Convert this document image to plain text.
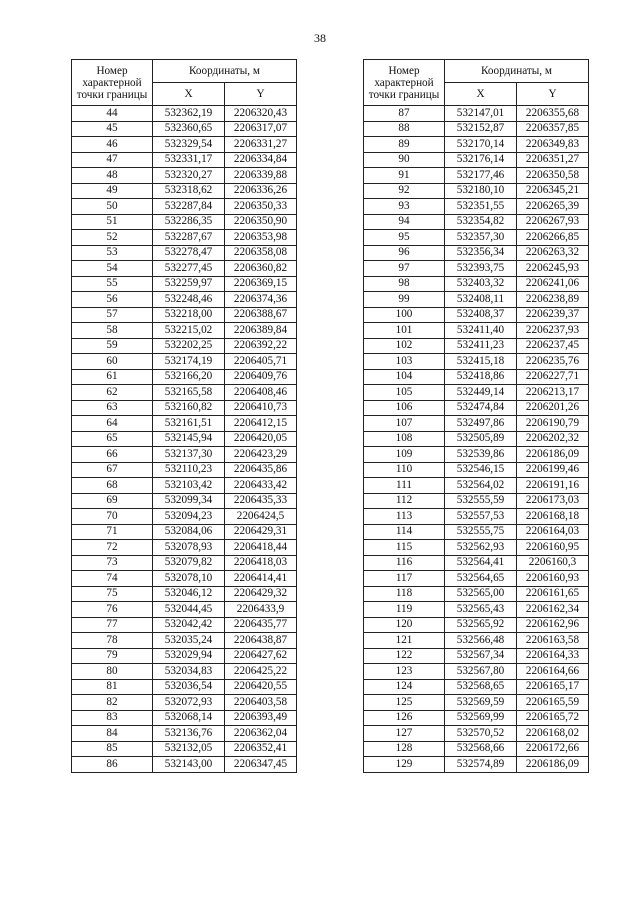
38
Номер характерной точки границы	Координаты, м	
	X	Y
44	532362,19	2206320,43
45	532360,65	2206317,07
46	532329,54	2206331,27
47	532331,17	2206334,84
48	532320,27	2206339,88
49	532318,62	2206336,26
50	532287,84	2206350,33
51	532286,35	2206350,90
52	532287,67	2206353,98
53	532278,47	2206358,08
54	532277,45	2206360,82
55	532259,97	2206369,15
56	532248,46	2206374,36
57	532218,00	2206388,67
58	532215,02	2206389,84
59	532202,25	2206392,22
60	532174,19	2206405,71
61	532166,20	2206409,76
62	532165,58	2206408,46
63	532160,82	2206410,73
64	532161,51	2206412,15
65	532145,94	2206420,05
66	532137,30	2206423,29
67	532110,23	2206435,86
68	532103,42	2206433,42
69	532099,34	2206435,33
70	532094,23	2206424,5
71	532084,06	2206429,31
72	532078,93	2206418,44
73	532079,82	2206418,03
74	532078,10	2206414,41
75	532046,12	2206429,32
76	532044,45	2206433,9
77	532042,42	2206435,77
78	532035,24	2206438,87
79	532029,94	2206427,62
80	532034,83	2206425,22
81	532036,54	2206420,55
82	532072,93	2206403,58
83	532068,14	2206393,49
84	532136,76	2206362,04
85	532132,05	2206352,41
86	532143,00	2206347,45
Номер характерной точки границы	Координаты, м	
	X	Y
87	532147,01	2206355,68
88	532152,87	2206357,85
89	532170,14	2206349,83
90	532176,14	2206351,27
91	532177,46	2206350,58
92	532180,10	2206345,21
93	532351,55	2206265,39
94	532354,82	2206267,93
95	532357,30	2206266,85
96	532356,34	2206263,32
97	532393,75	2206245,93
98	532403,32	2206241,06
99	532408,11	2206238,89
100	532408,37	2206239,37
101	532411,40	2206237,93
102	532411,23	2206237,45
103	532415,18	2206235,76
104	532418,86	2206227,71
105	532449,14	2206213,17
106	532474,84	2206201,26
107	532497,86	2206190,79
108	532505,89	2206202,32
109	532539,86	2206186,09
110	532546,15	2206199,46
111	532564,02	2206191,16
112	532555,59	2206173,03
113	532557,53	2206168,18
114	532555,75	2206164,03
115	532562,93	2206160,95
116	532564,41	2206160,3
117	532564,65	2206160,93
118	532565,00	2206161,65
119	532565,43	2206162,34
120	532565,92	2206162,96
121	532566,48	2206163,58
122	532567,34	2206164,33
123	532567,80	2206164,66
124	532568,65	2206165,17
125	532569,59	2206165,59
126	532569,99	2206165,72
127	532570,52	2206168,02
128	532568,66	2206172,66
129	532574,89	2206186,09
